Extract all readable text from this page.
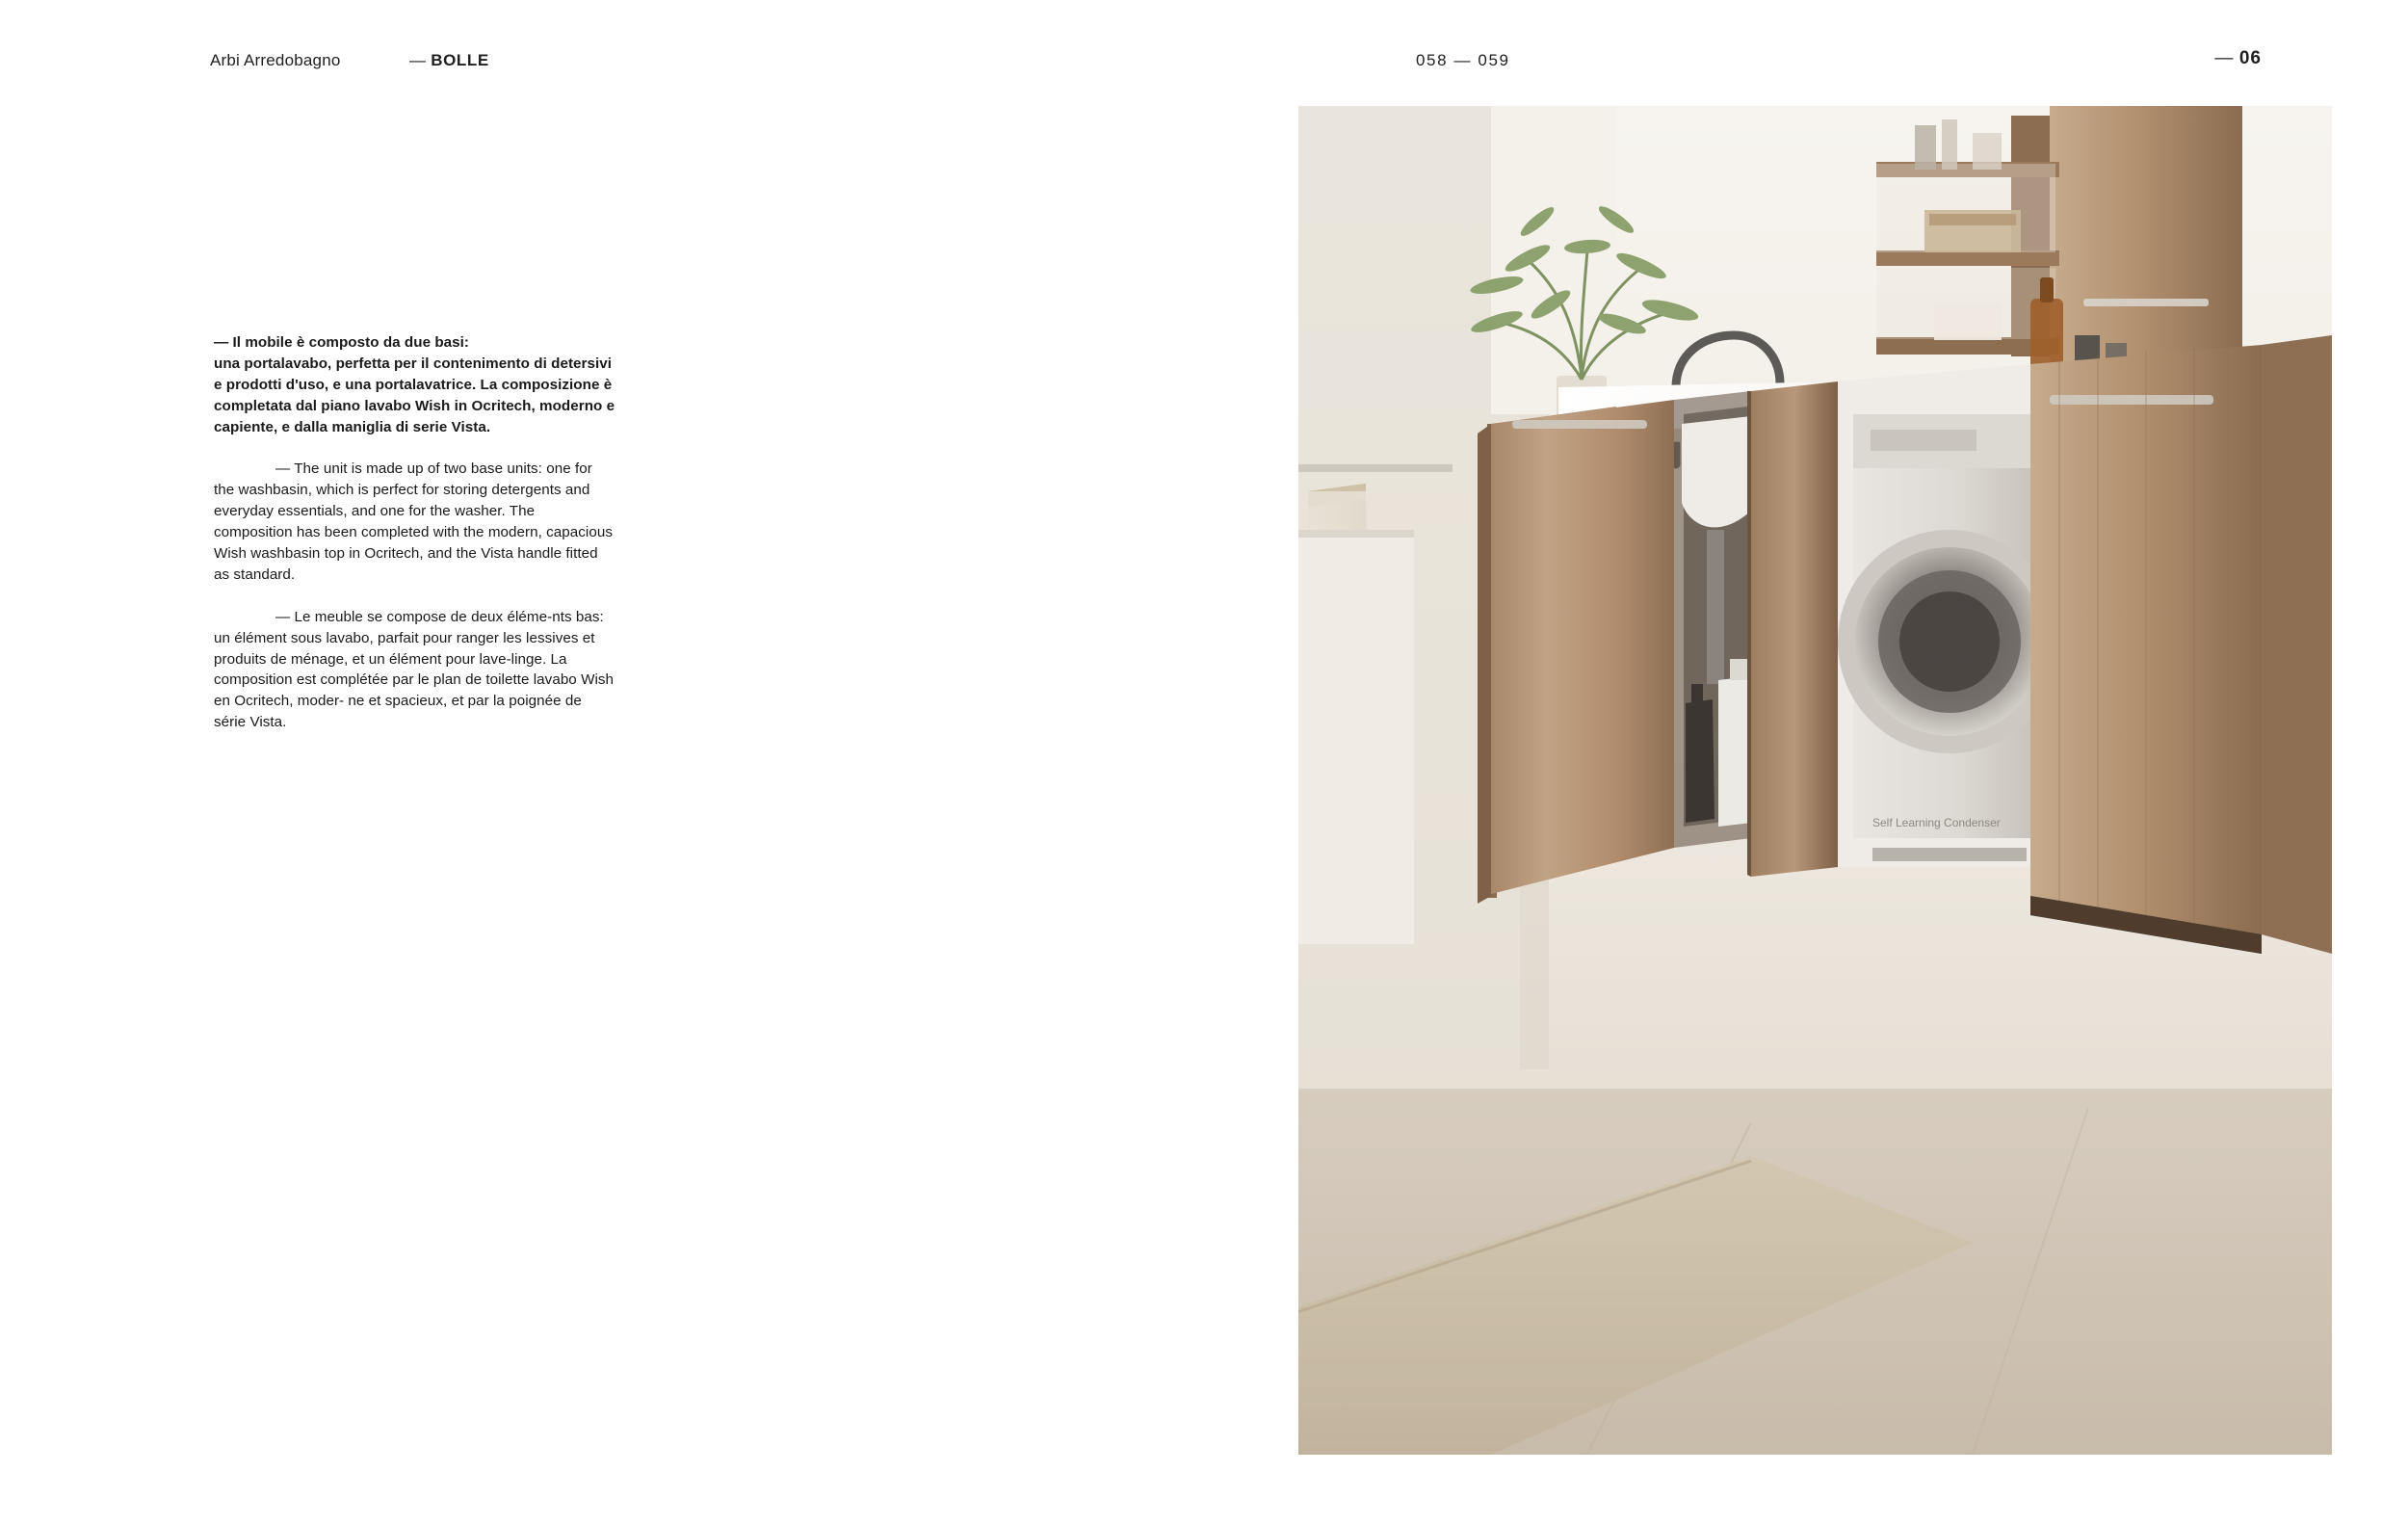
Arbi Arredobagno	— BOLLE	058 — 059	— 06

— Il mobile è composto da due basi:
una portalavabo, perfetta per il contenimento di detersivi e prodotti d'uso, e una portalavatrice. La composizione è completata dal piano lavabo Wish in Ocritech, moderno e capiente, e dalla maniglia di serie Vista.

— The unit is made up of two base units: one for the washbasin, which is perfect for storing detergents and everyday essentials, and one for the washer. The composition has been completed with the modern, capacious Wish washbasin top in Ocritech, and the Vista handle fitted as standard.

— Le meuble se compose de deux éléme-nts bas: un élément sous lavabo, parfait pour ranger les lessives et produits de ménage, et un élément pour lave-linge. La composition est complétée par le plan de toilette lavabo Wish en Ocritech, moder- ne et spacieux, et par la poignée de série Vista.

Self Learning Condenser
